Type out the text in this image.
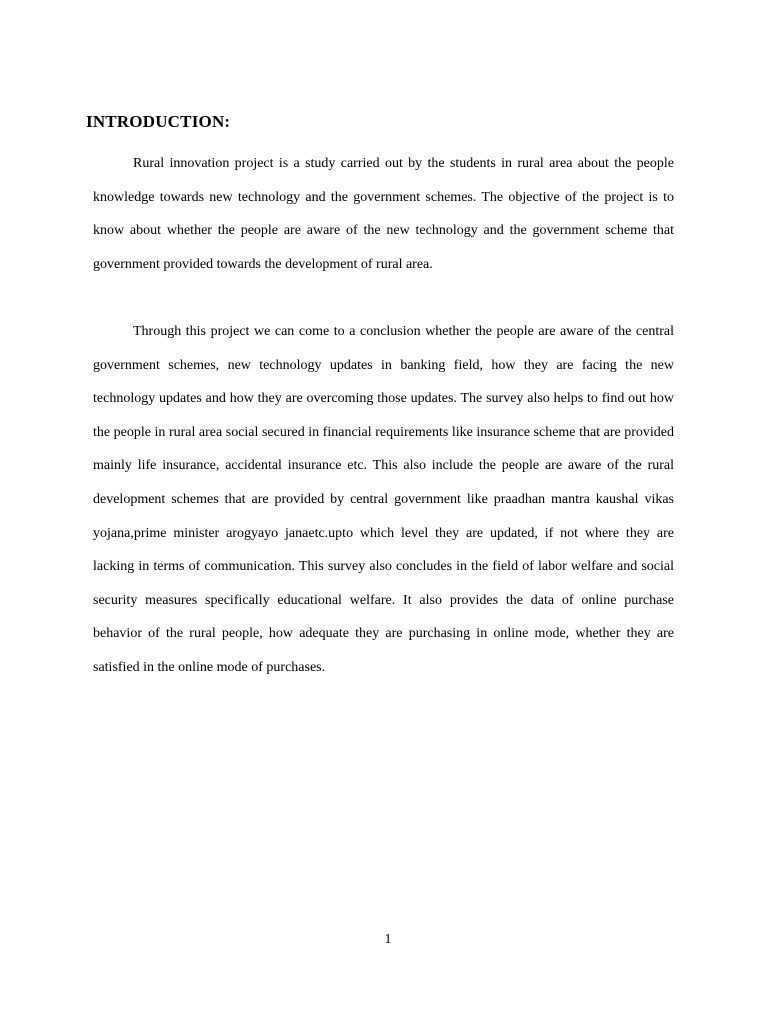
INTRODUCTION:

Rural innovation project is a study carried out by the students in rural area about the people knowledge towards new technology and the government schemes. The objective of the project is to know about whether the people are aware of the new technology and the government scheme that government provided towards the development of rural area.

Through this project we can come to a conclusion whether the people are aware of the central government schemes, new technology updates in banking field, how they are facing the new technology updates and how they are overcoming those updates. The survey also helps to find out how the people in rural area social secured in financial requirements like insurance scheme that are provided mainly life insurance, accidental insurance etc. This also include the people are aware of the rural development schemes that are provided by central government like praadhan mantra kaushal vikas yojana,prime minister arogyayo janaetc.upto which level they are updated, if not where they are lacking in terms of communication. This survey also concludes in the field of labor welfare and social security measures specifically educational welfare. It also provides the data of online purchase behavior of the rural people, how adequate they are purchasing in online mode, whether they are satisfied in the online mode of purchases.

1
